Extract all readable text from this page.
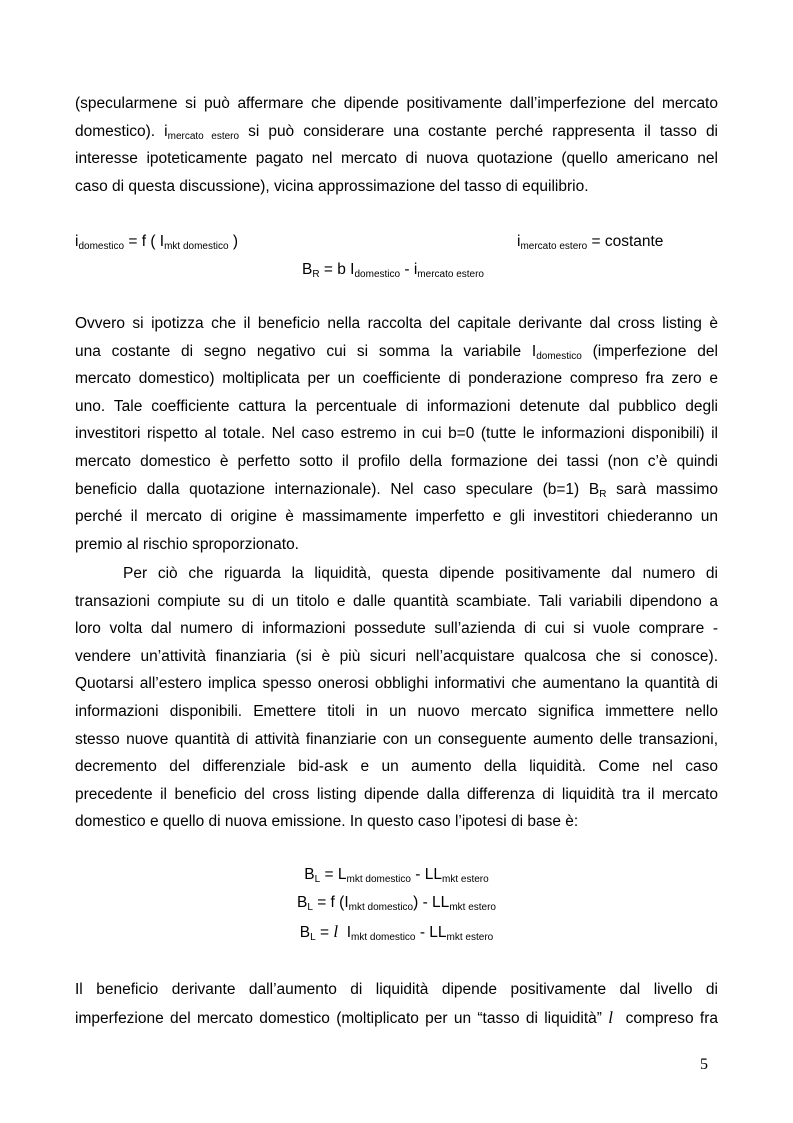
(specularmene si può affermare che dipende positivamente dall’imperfezione del mercato
domestico). $i_{mercato estero}$ si può considerare una costante perché rappresenta il tasso di
interesse ipoteticamente pagato nel mercato di nuova quotazione (quello americano nel
caso di questa discussione), vicina approssimazione del tasso di equilibrio.
$i_{domestico} = f$ ( $I_{mkt domestico}$ )	$i_{mercato estero}$ = costante
$B_R = b$ $I_{domestico} - i_{mercato estero}$
Ovvero si ipotizza che il beneficio nella raccolta del capitale derivante dal cross listing è
una costante di segno negativo cui si somma la variabile $I_{domestico}$ (imperfezione del
mercato domestico) moltiplicata per un coefficiente di ponderazione compreso fra zero e
uno. Tale coefficiente cattura la percentuale di informazioni detenute dal pubblico degli
investitori rispetto al totale. Nel caso estremo in cui b=0 (tutte le informazioni disponibili) il
mercato domestico è perfetto sotto il profilo della formazione dei tassi (non c’è quindi
beneficio dalla quotazione internazionale). Nel caso speculare (b=1) $B_R$ sarà massimo
perché il mercato di origine è massimamente imperfetto e gli investitori chiederanno un
premio al rischio sproporzionato.
Per ciò che riguarda la liquidità, questa dipende positivamente dal numero di
transazioni compiute su di un titolo e dalle quantità scambiate. Tali variabili dipendono a
loro volta dal numero di informazioni possedute sull’azienda di cui si vuole comprare -
vendere un’attività finanziaria (si è più sicuri nell’acquistare qualcosa che si conosce).
Quotarsi all’estero implica spesso onerosi obblighi informativi che aumentano la quantità di
informazioni disponibili. Emettere titoli in un nuovo mercato significa immettere nello
stesso nuove quantità di attività finanziarie con un conseguente aumento delle transazioni,
decremento del differenziale bid-ask e un aumento della liquidità. Come nel caso
precedente il beneficio del cross listing dipende dalla differenza di liquidità tra il mercato
domestico e quello di nuova emissione. In questo caso l’ipotesi di base è:
$B_L = L_{mkt domestico} - LL_{mkt estero}$
$B_L = f$ $(I_{mkt domestico}) - LL_{mkt estero}$
$B_L = l$ $I_{mkt domestico} - LL_{mkt estero}$
Il beneficio derivante dall’aumento di liquidità dipende positivamente dal livello di
imperfezione del mercato domestico (moltiplicato per un “tasso di liquidità” l compreso fra
5
